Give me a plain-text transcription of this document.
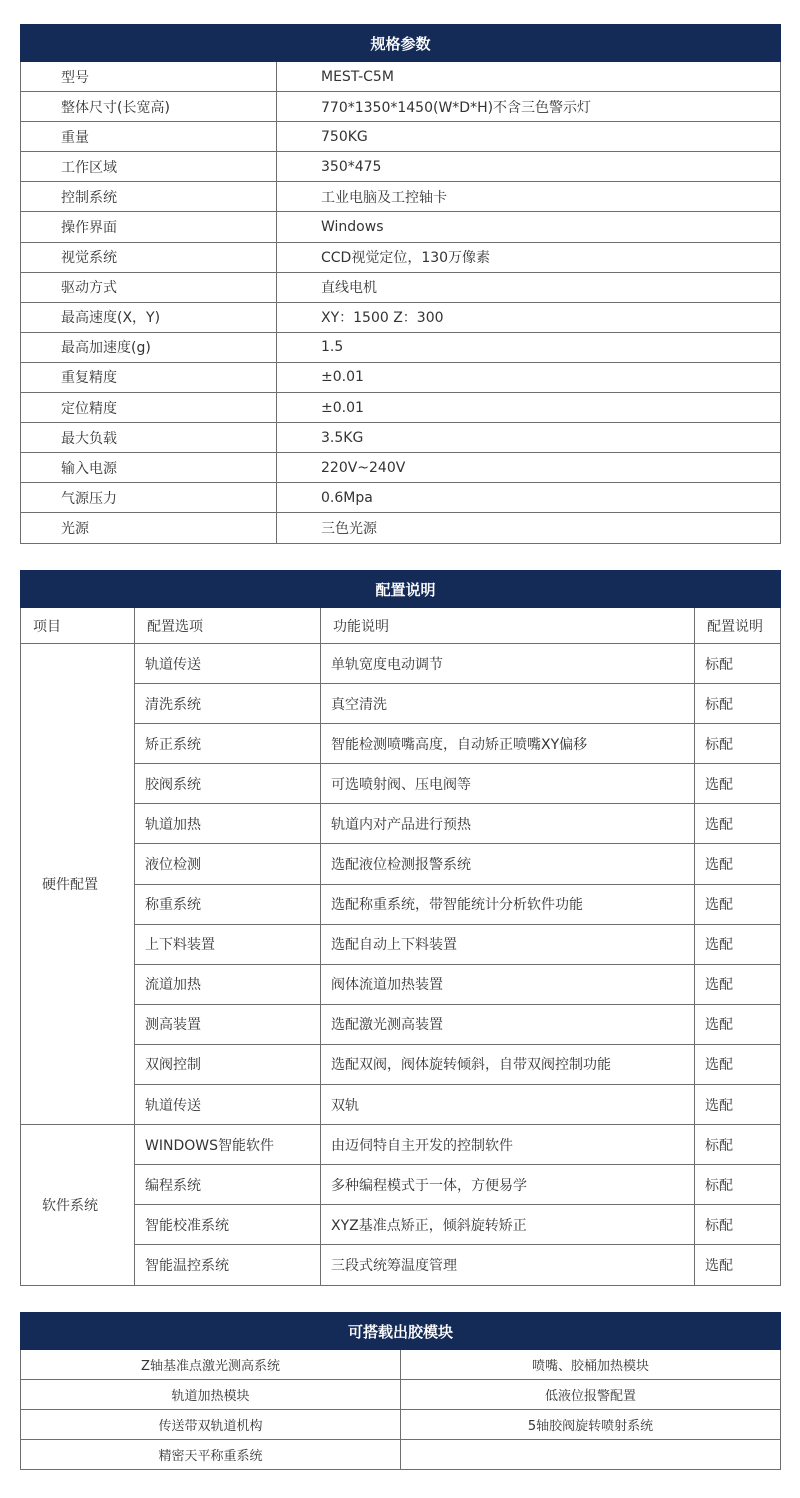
规格参数	
型号	MEST-C5M
整体尺寸(长宽高)	770*1350*1450(W*D*H)不含三色警示灯
重量	750KG
工作区域	350*475
控制系统	工业电脑及工控轴卡
操作界面	Windows
视觉系统	CCD视觉定位，130万像素
驱动方式	直线电机
最高速度(X，Y)	XY：1500 Z：300
最高加速度(g)	1.5
重复精度	±0.01
定位精度	±0.01
最大负载	3.5KG
输入电源	220V~240V
气源压力	0.6Mpa
光源	三色光源
配置说明			
项目	配置选项	功能说明	配置说明
硬件配置	轨道传送	单轨宽度电动调节	标配
	清洗系统	真空清洗	标配
	矫正系统	智能检测喷嘴高度，自动矫正喷嘴XY偏移	标配
	胶阀系统	可选喷射阀、压电阀等	选配
	轨道加热	轨道内对产品进行预热	选配
	液位检测	选配液位检测报警系统	选配
	称重系统	选配称重系统，带智能统计分析软件功能	选配
	上下料装置	选配自动上下料装置	选配
	流道加热	阀体流道加热装置	选配
	测高装置	选配激光测高装置	选配
	双阀控制	选配双阀，阀体旋转倾斜，自带双阀控制功能	选配
	轨道传送	双轨	选配
软件系统	WINDOWS智能软件	由迈伺特自主开发的控制软件	标配
	编程系统	多种编程模式于一体，方便易学	标配
	智能校准系统	XYZ基准点矫正，倾斜旋转矫正	标配
	智能温控系统	三段式统筹温度管理	选配
可搭载出胶模块	
Z轴基准点激光测高系统	喷嘴、胶桶加热模块
轨道加热模块	低液位报警配置
传送带双轨道机构	5轴胶阀旋转喷射系统
精密天平称重系统	
